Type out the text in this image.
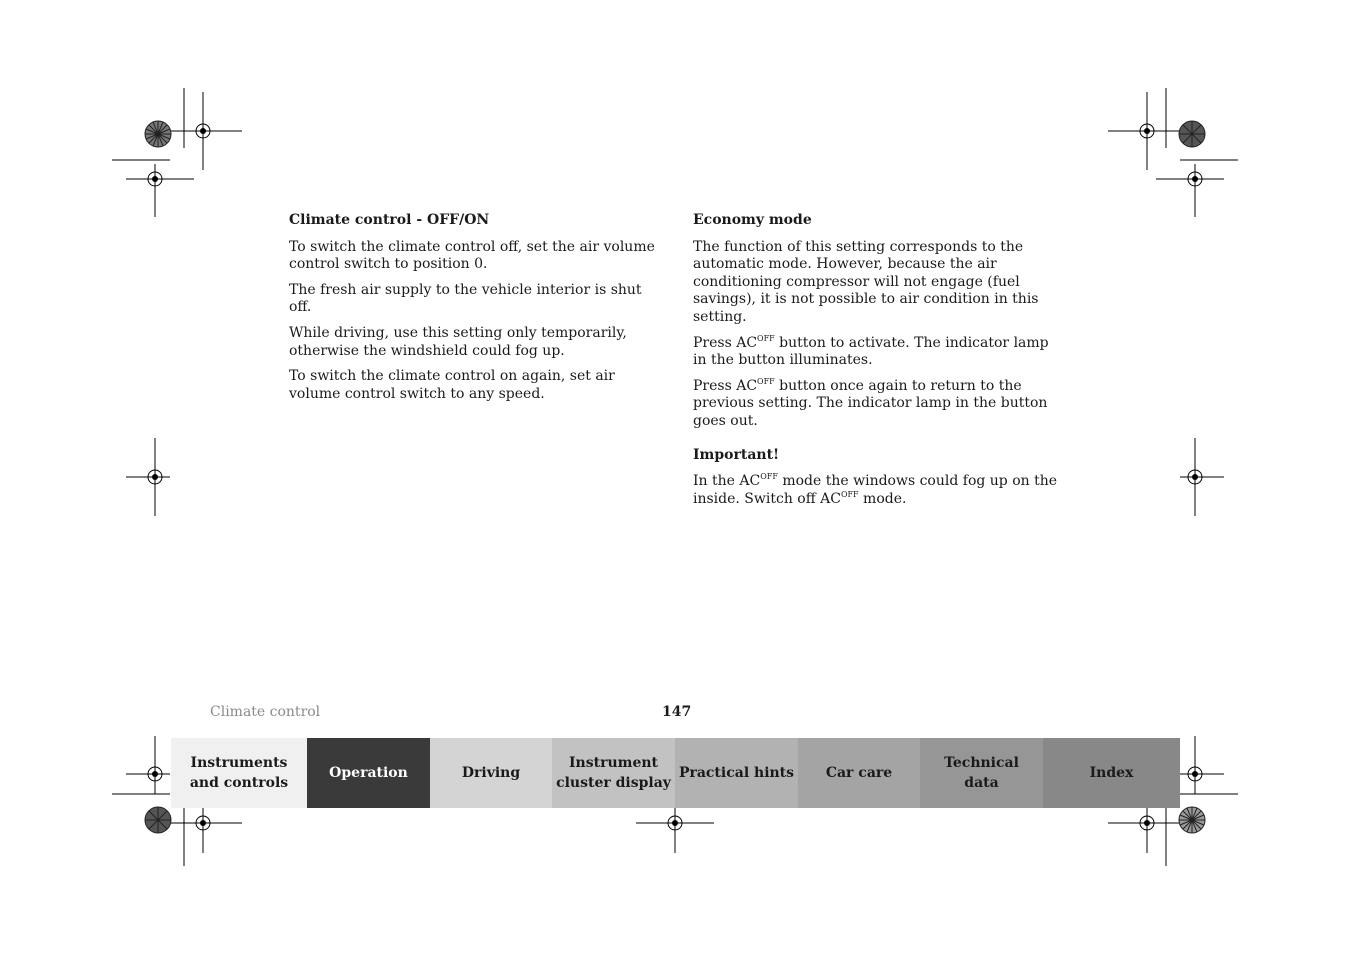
Climate control - OFF/ON

To switch the climate control off, set the air volume control switch to position 0.

The fresh air supply to the vehicle interior is shut off.

While driving, use this setting only temporarily, otherwise the windshield could fog up.

To switch the climate control on again, set air volume control switch to any speed.

Economy mode

The function of this setting corresponds to the automatic mode. However, because the air conditioning compressor will not engage (fuel savings), it is not possible to air condition in this setting.

Press $AC^{OFF}$ button to activate. The indicator lamp in the button illuminates.

Press $AC^{OFF}$ button once again to return to the previous setting. The indicator lamp in the button goes out.

Important!

In the $AC^{OFF}$ mode the windows could fog up on the inside. Switch off $AC^{OFF}$ mode.

Climate control	147
Instruments
and controls
Operation	Driving
Instrument
cluster display
Practical hints Car care
Technical
data
Index
